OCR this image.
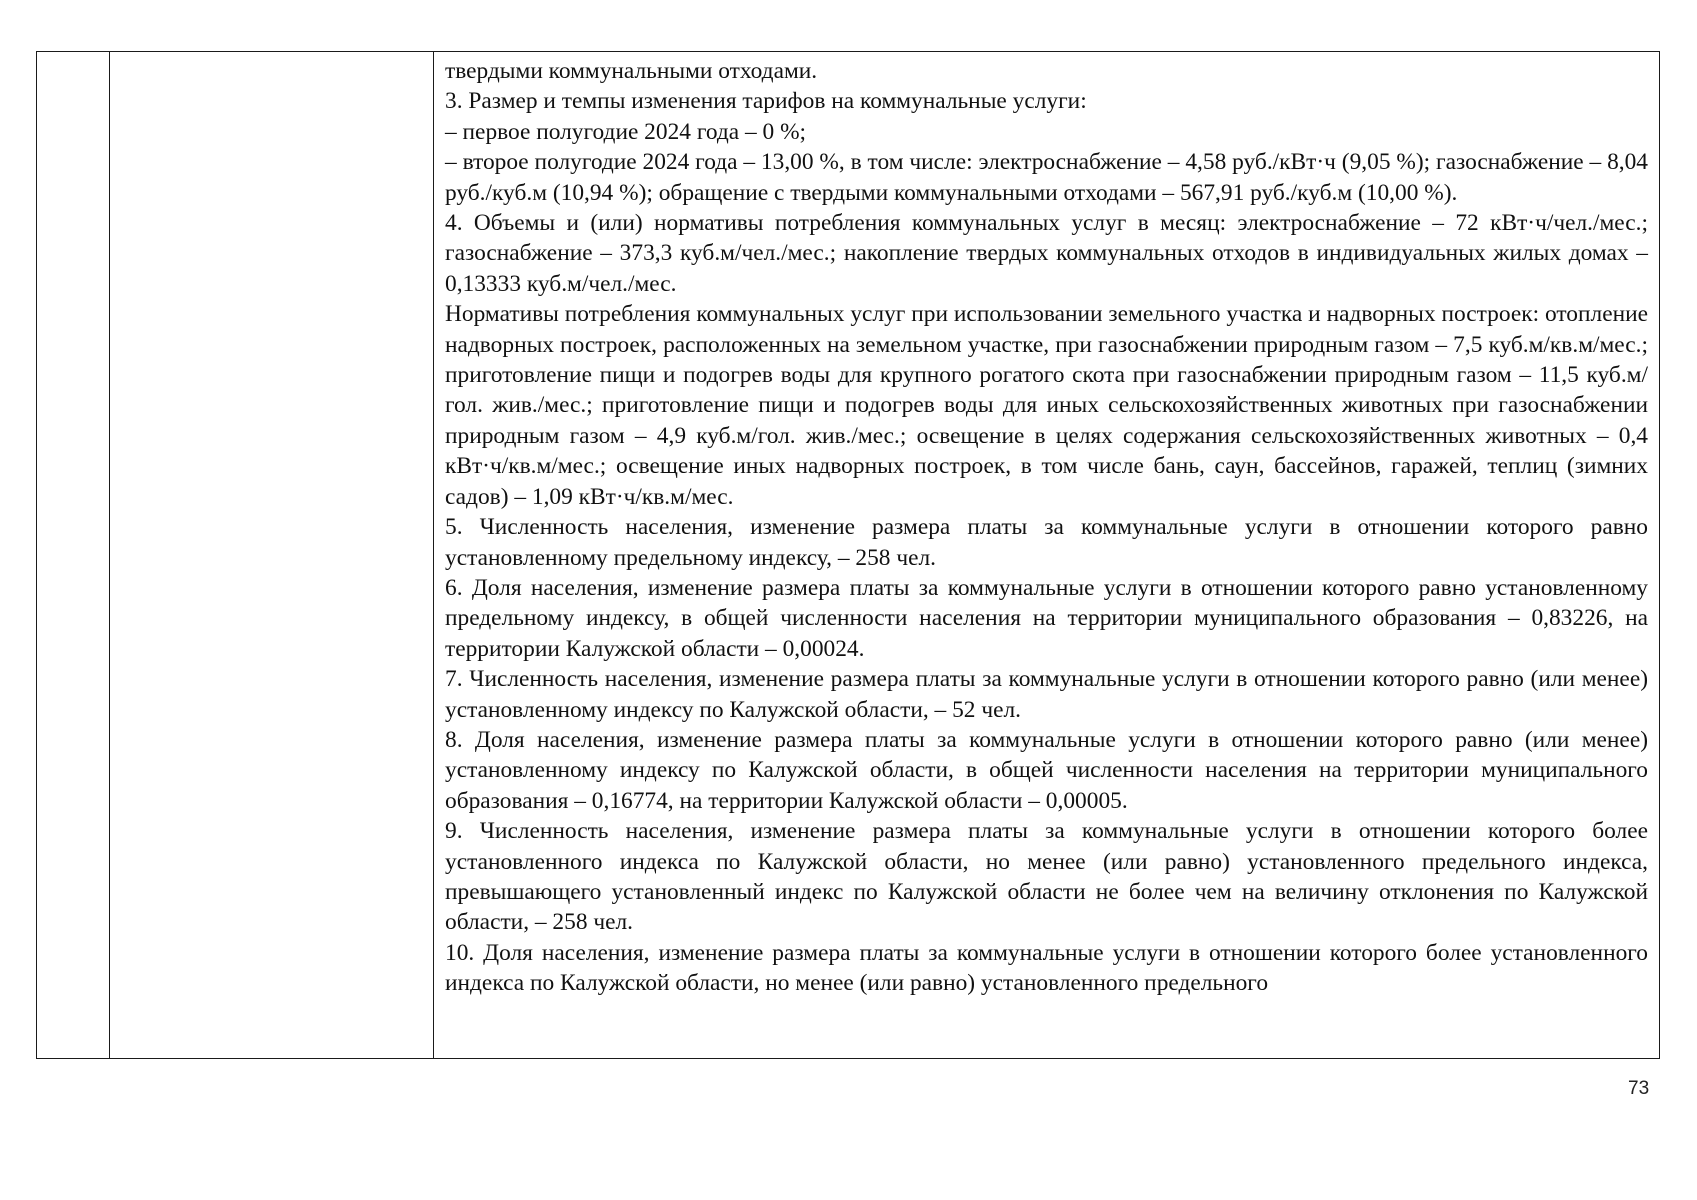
твердыми коммунальными отходами.

3. Размер и темпы изменения тарифов на коммунальные услуги:

– первое полугодие 2024 года – 0 %;

– второе полугодие 2024 года – 13,00 %, в том числе: электроснабжение – 4,58 руб./кВт·ч (9,05 %); газоснабжение – 8,04 руб./куб.м (10,94 %); обращение с твердыми коммунальными отходами – 567,91 руб./куб.м (10,00 %).

4. Объемы и (или) нормативы потребления коммунальных услуг в месяц: электроснабжение – 72 кВт·ч/чел./мес.; газоснабжение – 373,3 куб.м/чел./мес.; накопление твердых коммунальных отходов в индивидуальных жилых домах – 0,13333 куб.м/чел./мес.

Нормативы потребления коммунальных услуг при использовании земельного участка и надворных построек: отопление надворных построек, расположенных на земельном участке, при газоснабжении природным газом – 7,5 куб.м/кв.м/мес.; приготовление пищи и подогрев воды для крупного рогатого скота при газоснабжении природным газом – 11,5 куб.м/гол. жив./мес.; приготовление пищи и подогрев воды для иных сельскохозяйственных животных при газоснабжении природным газом – 4,9 куб.м/гол. жив./мес.; освещение в целях содержания сельскохозяйственных животных – 0,4 кВт·ч/кв.м/мес.; освещение иных надворных построек, в том числе бань, саун, бассейнов, гаражей, теплиц (зимних садов) – 1,09 кВт·ч/кв.м/мес.

5. Численность населения, изменение размера платы за коммунальные услуги в отношении которого равно установленному предельному индексу, – 258 чел.

6. Доля населения, изменение размера платы за коммунальные услуги в отношении которого равно установленному предельному индексу, в общей численности населения на территории муниципального образования – 0,83226, на территории Калужской области – 0,00024.

7. Численность населения, изменение размера платы за коммунальные услуги в отношении которого равно (или менее) установленному индексу по Калужской области, – 52 чел.

8. Доля населения, изменение размера платы за коммунальные услуги в отношении которого равно (или менее) установленному индексу по Калужской области, в общей численности населения на территории муниципального образования – 0,16774, на территории Калужской области – 0,00005.

9. Численность населения, изменение размера платы за коммунальные услуги в отношении которого более установленного индекса по Калужской области, но менее (или равно) установленного предельного индекса, превышающего установленный индекс по Калужской области не более чем на величину отклонения по Калужской области, – 258 чел.

10. Доля населения, изменение размера платы за коммунальные услуги в отношении которого более установленного индекса по Калужской области, но менее (или равно) установленного предельного

73
